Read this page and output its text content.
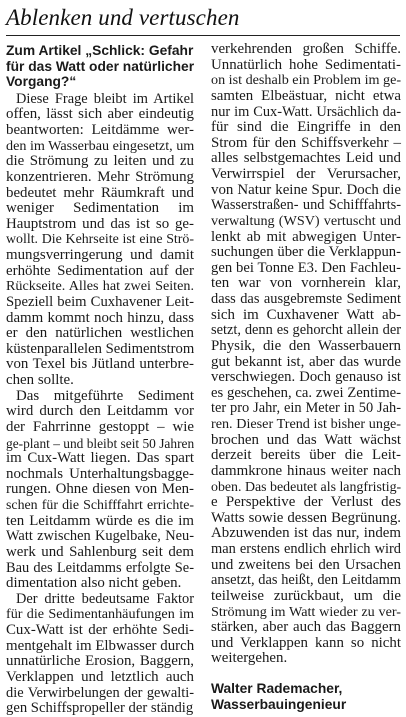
Ablenken und vertuschen
Zum Artikel „Schlick: Gefahr
für das Watt oder natürlicher
Vorgang?“
Diese Frage bleibt im Artikel
offen, lässt sich aber eindeutig
beantworten: Leitdämme wer-
den im Wasserbau eingesetzt, um
die Strömung zu leiten und zu
konzentrieren. Mehr Strömung
bedeutet mehr Räumkraft und
weniger Sedimentation im
Hauptstrom und das ist so ge-
wollt. Die Kehrseite ist eine Strö-
mungsverringerung und damit
erhöhte Sedimentation auf der
Rückseite. Alles hat zwei Seiten.
Speziell beim Cuxhavener Leit-
damm kommt noch hinzu, dass
er den natürlichen westlichen
küstenparallelen Sedimentstrom
von Texel bis Jütland unterbre-
chen sollte.
Das mitgeführte Sediment
wird durch den Leitdamm vor
der Fahrrinne gestoppt – wie
ge-plant – und bleibt seit 50 Jahren
im Cux-Watt liegen. Das spart
nochmals Unterhaltungsbagge-
rungen. Ohne diesen von Men-
schen für die Schifffahrt errichte-
ten Leitdamm würde es die im
Watt zwischen Kugelbake, Neu-
werk und Sahlenburg seit dem
Bau des Leitdamms erfolgte Se-
dimentation also nicht geben.
Der dritte bedeutsame Faktor
für die Sedimentanhäufungen im
Cux-Watt ist der erhöhte Sedi-
mentgehalt im Elbwasser durch
unnatürliche Erosion, Baggern,
Verklappen und letztlich auch
die Verwirbelungen der gewalti-
gen Schiffspropeller der ständig
verkehrenden großen Schiffe.
Unnatürlich hohe Sedimentati-
on ist deshalb ein Problem im ge-
samten Elbeästuar, nicht etwa
nur im Cux-Watt. Ursächlich da-
für sind die Eingriffe in den
Strom für den Schiffsverkehr –
alles selbstgemachtes Leid und
Verwirrspiel der Verursacher,
von Natur keine Spur. Doch die
Wasserstraßen- und Schifffahrts-
verwaltung (WSV) vertuscht und
lenkt ab mit abwegigen Unter-
suchungen über die Verklappun-
gen bei Tonne E3. Den Fachleu-
ten war von vornherein klar,
dass das ausgebremste Sediment
sich im Cuxhavener Watt ab-
setzt, denn es gehorcht allein der
Physik, die den Wasserbauern
gut bekannt ist, aber das wurde
verschwiegen. Doch genauso ist
es geschehen, ca. zwei Zentime-
ter pro Jahr, ein Meter in 50 Jah-
ren. Dieser Trend ist bisher unge-
brochen und das Watt wächst
derzeit bereits über die Leit-
dammkrone hinaus weiter nach
oben. Das bedeutet als langfristig-
e Perspektive der Verlust des
Watts sowie dessen Begrünung.
Abzuwenden ist das nur, indem
man erstens endlich ehrlich wird
und zweitens bei den Ursachen
ansetzt, das heißt, den Leitdamm
teilweise zurückbaut, um die
Strömung im Watt wieder zu ver-
stärken, aber auch das Baggern
und Verklappen kann so nicht
weitergehen.
Walter Rademacher,
Wasserbauingenieur
